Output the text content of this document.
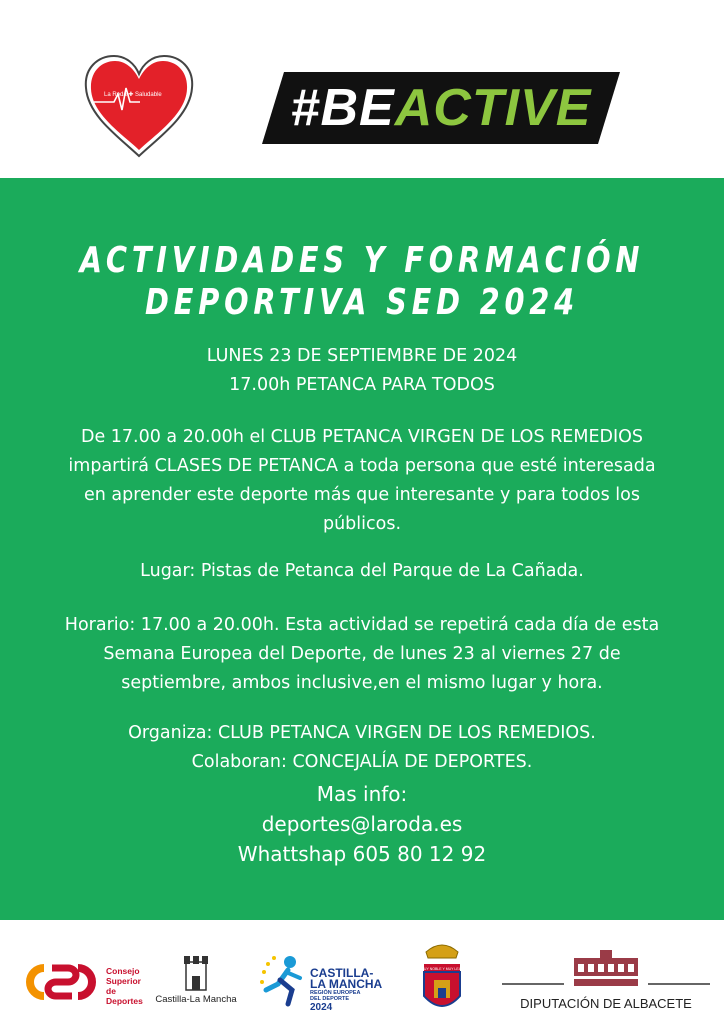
La Roda ✚ Saludable #BE ACTIVE
ACTIVIDADES Y FORMACIÓN
DEPORTIVA SED 2024
LUNES 23 DE SEPTIEMBRE DE 2024
17.00h PETANCA PARA TODOS
De 17.00 a 20.00h el CLUB PETANCA VIRGEN DE LOS REMEDIOS impartirá CLASES DE PETANCA a toda persona que esté interesada en aprender este deporte más que interesante y para todos los públicos.
Lugar: Pistas de Petanca del Parque de La Cañada.
Horario: 17.00 a 20.00h. Esta actividad se repetirá cada día de esta Semana Europea del Deporte, de lunes 23 al viernes 27 de septiembre, ambos inclusive,en el mismo lugar y hora.
Organiza: CLUB PETANCA VIRGEN DE LOS REMEDIOS.
Colaboran: CONCEJALÍA DE DEPORTES.
Mas info:
deportes@laroda.es
Whattshap 605 80 12 92
Consejo
Superior
de Deportes	Castilla-La Mancha
CASTILLA-
LA MANCHA
REGIÓN EUROPEA
DEL DEPORTE
2024
MUY NOBLE Y MUY LEAL
DIPUTACIÓN DE ALBACETE
